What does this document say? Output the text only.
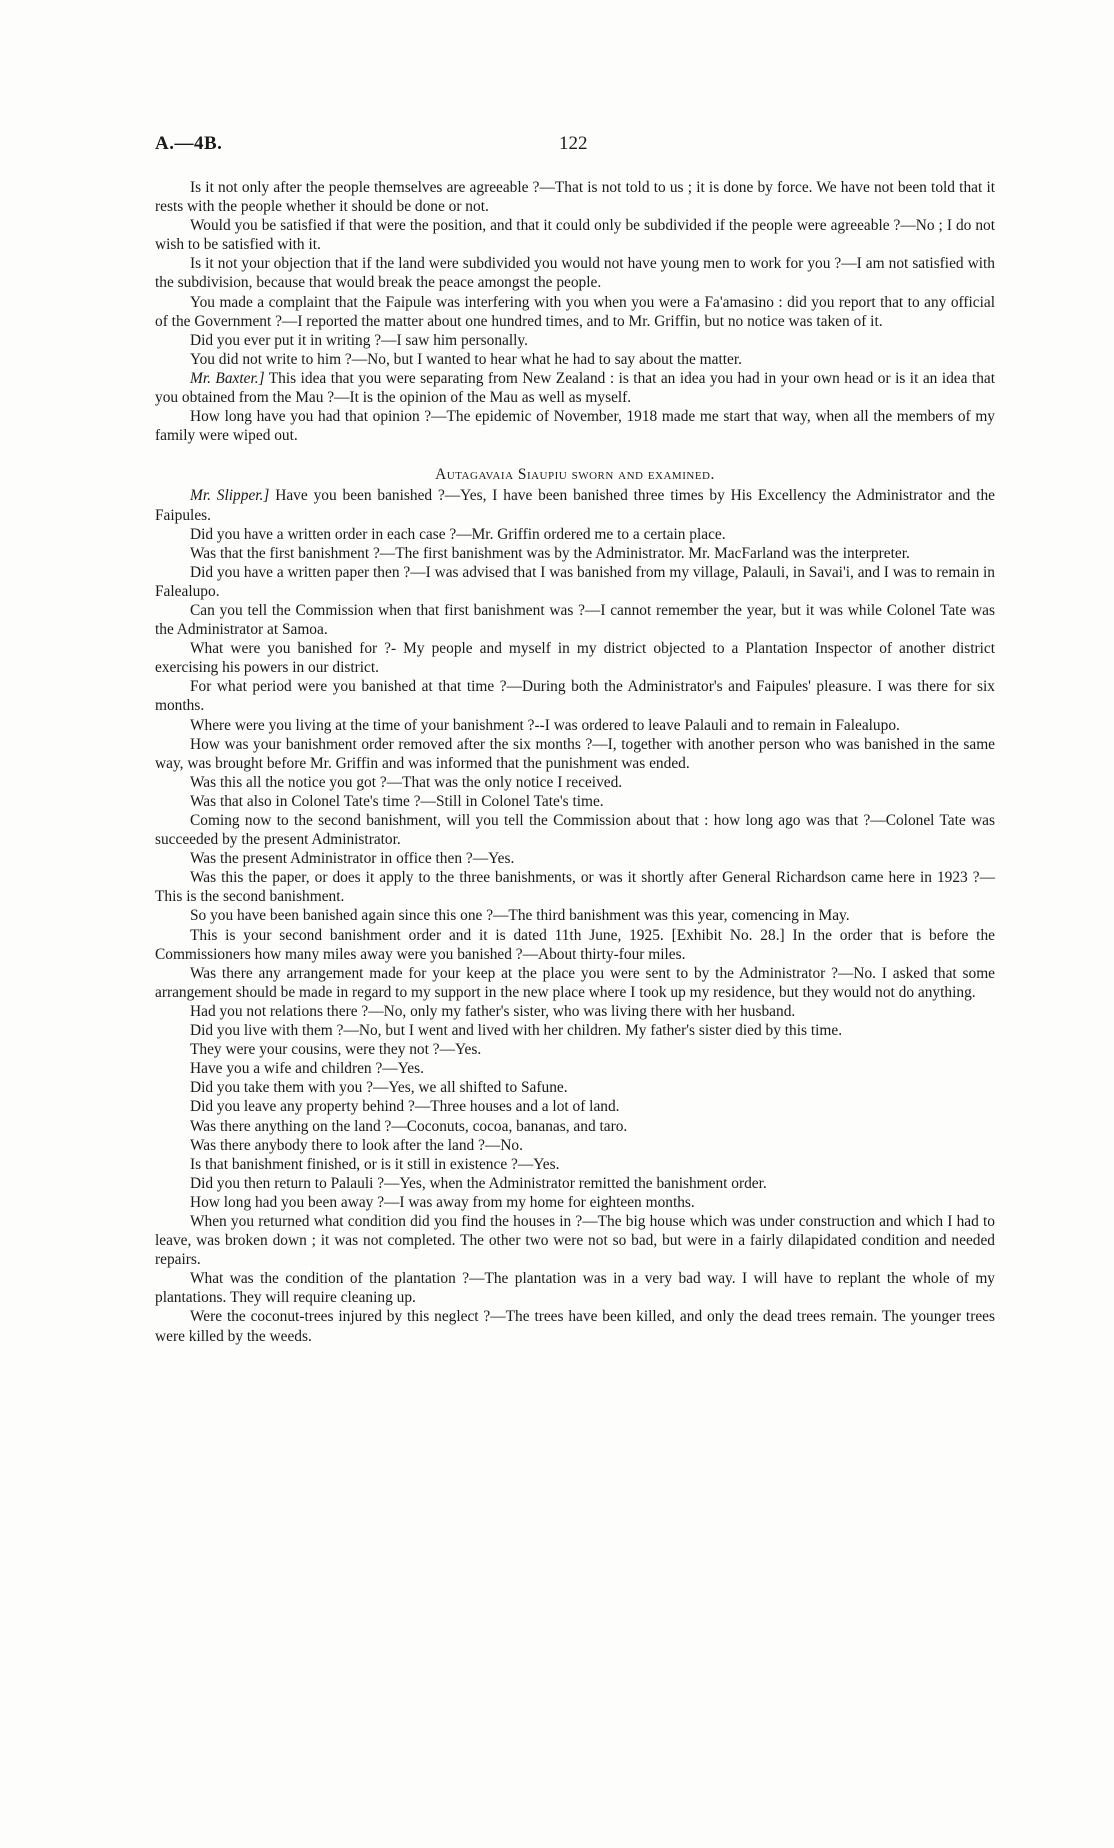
A.—4B.	122

Is it not only after the people themselves are agreeable ?—That is not told to us ; it is done by force. We have not been told that it rests with the people whether it should be done or not.

Would you be satisfied if that were the position, and that it could only be subdivided if the people were agreeable ?—No ; I do not wish to be satisfied with it.

Is it not your objection that if the land were subdivided you would not have young men to work for you ?—I am not satisfied with the subdivision, because that would break the peace amongst the people.

You made a complaint that the Faipule was interfering with you when you were a Fa'amasino : did you report that to any official of the Government ?—I reported the matter about one hundred times, and to Mr. Griffin, but no notice was taken of it.

Did you ever put it in writing ?—I saw him personally.

You did not write to him ?—No, but I wanted to hear what he had to say about the matter.

Mr. Baxter.] This idea that you were separating from New Zealand : is that an idea you had in your own head or is it an idea that you obtained from the Mau ?—It is the opinion of the Mau as well as myself.

How long have you had that opinion ?—The epidemic of November, 1918 made me start that way, when all the members of my family were wiped out.

Autagavaia Siaupiu sworn and examined.

Mr. Slipper.] Have you been banished ?—Yes, I have been banished three times by His Excellency the Administrator and the Faipules.

Did you have a written order in each case ?—Mr. Griffin ordered me to a certain place.

Was that the first banishment ?—The first banishment was by the Administrator. Mr. MacFarland was the interpreter.

Did you have a written paper then ?—I was advised that I was banished from my village, Palauli, in Savai'i, and I was to remain in Falealupo.

Can you tell the Commission when that first banishment was ?—I cannot remember the year, but it was while Colonel Tate was the Administrator at Samoa.

What were you banished for ?- My people and myself in my district objected to a Plantation Inspector of another district exercising his powers in our district.

For what period were you banished at that time ?—During both the Administrator's and Faipules' pleasure. I was there for six months.

Where were you living at the time of your banishment ?--I was ordered to leave Palauli and to remain in Falealupo.

How was your banishment order removed after the six months ?—I, together with another person who was banished in the same way, was brought before Mr. Griffin and was informed that the punishment was ended.

Was this all the notice you got ?—That was the only notice I received.

Was that also in Colonel Tate's time ?—Still in Colonel Tate's time.

Coming now to the second banishment, will you tell the Commission about that : how long ago was that ?—Colonel Tate was succeeded by the present Administrator.

Was the present Administrator in office then ?—Yes.

Was this the paper, or does it apply to the three banishments, or was it shortly after General Richardson came here in 1923 ?—This is the second banishment.

So you have been banished again since this one ?—The third banishment was this year, comencing in May.

This is your second banishment order and it is dated 11th June, 1925. [Exhibit No. 28.] In the order that is before the Commissioners how many miles away were you banished ?—About thirty-four miles.

Was there any arrangement made for your keep at the place you were sent to by the Administrator ?—No. I asked that some arrangement should be made in regard to my support in the new place where I took up my residence, but they would not do anything.

Had you not relations there ?—No, only my father's sister, who was living there with her husband.

Did you live with them ?—No, but I went and lived with her children. My father's sister died by this time.

They were your cousins, were they not ?—Yes.

Have you a wife and children ?—Yes.

Did you take them with you ?—Yes, we all shifted to Safune.

Did you leave any property behind ?—Three houses and a lot of land.

Was there anything on the land ?—Coconuts, cocoa, bananas, and taro.

Was there anybody there to look after the land ?—No.

Is that banishment finished, or is it still in existence ?—Yes.

Did you then return to Palauli ?—Yes, when the Administrator remitted the banishment order.

How long had you been away ?—I was away from my home for eighteen months.

When you returned what condition did you find the houses in ?—The big house which was under construction and which I had to leave, was broken down ; it was not completed. The other two were not so bad, but were in a fairly dilapidated condition and needed repairs.

What was the condition of the plantation ?—The plantation was in a very bad way. I will have to replant the whole of my plantations. They will require cleaning up.

Were the coconut-trees injured by this neglect ?—The trees have been killed, and only the dead trees remain. The younger trees were killed by the weeds.
